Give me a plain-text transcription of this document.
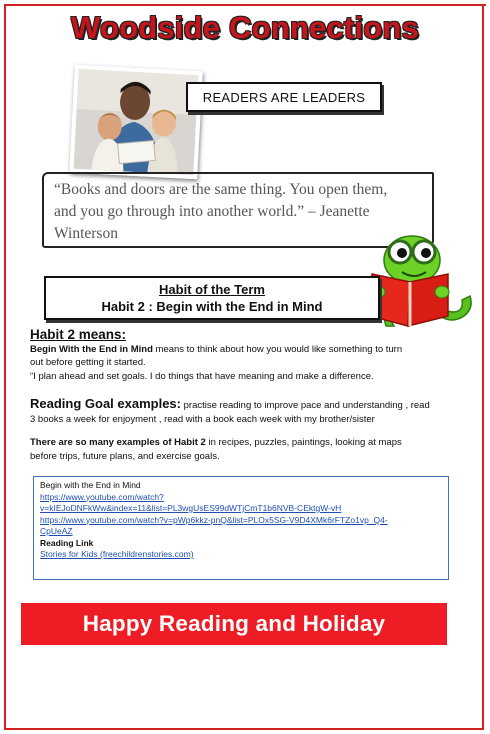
Woodside Connections
READERS ARE LEADERS
“Books and doors are the same thing. You open them,
and you go through into another world.” – Jeanette
Winterson
Habit of the Term
Habit 2 : Begin with the End in Mind
Habit 2 means:

Begin With the End in Mind means to think about how you would like something to turn
out before getting it started.
“I plan ahead and set goals. I do things that have meaning and make a difference.

Reading Goal examples: practise reading to improve pace and understanding , read
3 books a week for enjoyment , read with a book each week with my brother/sister

There are so many examples of Habit 2 in recipes, puzzles, paintings, looking at maps
before trips, future plans, and exercise goals.

Begin with the End in Mind
https://www.youtube.com/watch?
v=kIEJoDNFkWw&index=11&list=PL3wgUsES99dWTjCmT1b6NVB-CEktgW-vH
https://www.youtube.com/watch?v=pWp6kkz-pnQ&list=PLOx5SG-V9D4XMk6rFTZo1vp_Q4-
CpUeAZ
Reading Link
Stories for Kids (freechildrenstories.com)
Happy Reading and Holiday
